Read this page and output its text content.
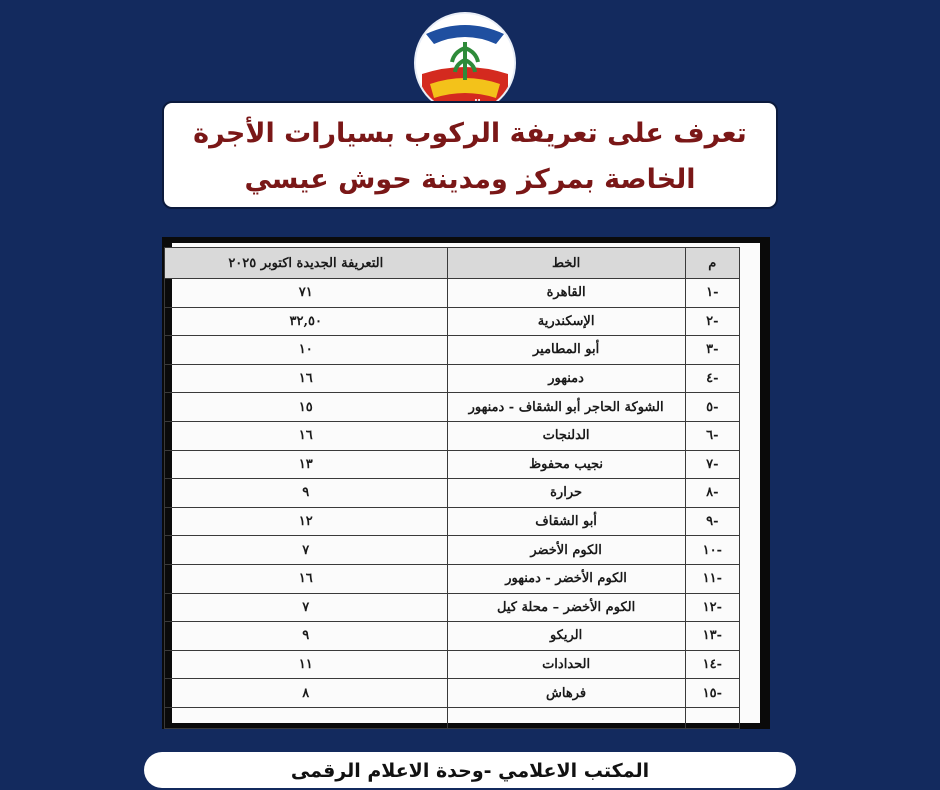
تعرف على تعريفة الركوب بسيارات الأجرة
الخاصة بمركز ومدينة حوش عيسي
م	الخط	التعريفة الجديدة اكتوبر ٢٠٢٥
-١	القاهرة	٧١
-٢	الإسكندرية	٣٢,٥٠
-٣	أبو المطامير	١٠
-٤	دمنهور	١٦
-٥	الشوكة الحاجر أبو الشقاف - دمنهور	١٥
-٦	الدلنجات	١٦
-٧	نجيب محفوظ	١٣
-٨	حرارة	٩
-٩	أبو الشقاف	١٢
-١٠	الكوم الأخضر	٧
-١١	الكوم الأخضر - دمنهور	١٦
-١٢	الكوم الأخضر – محلة كيل	٧
-١٣	الريكو	٩
-١٤	الحدادات	١١
-١٥	فرهاش	٨

المكتب الاعلامي -وحدة الاعلام الرقمى
